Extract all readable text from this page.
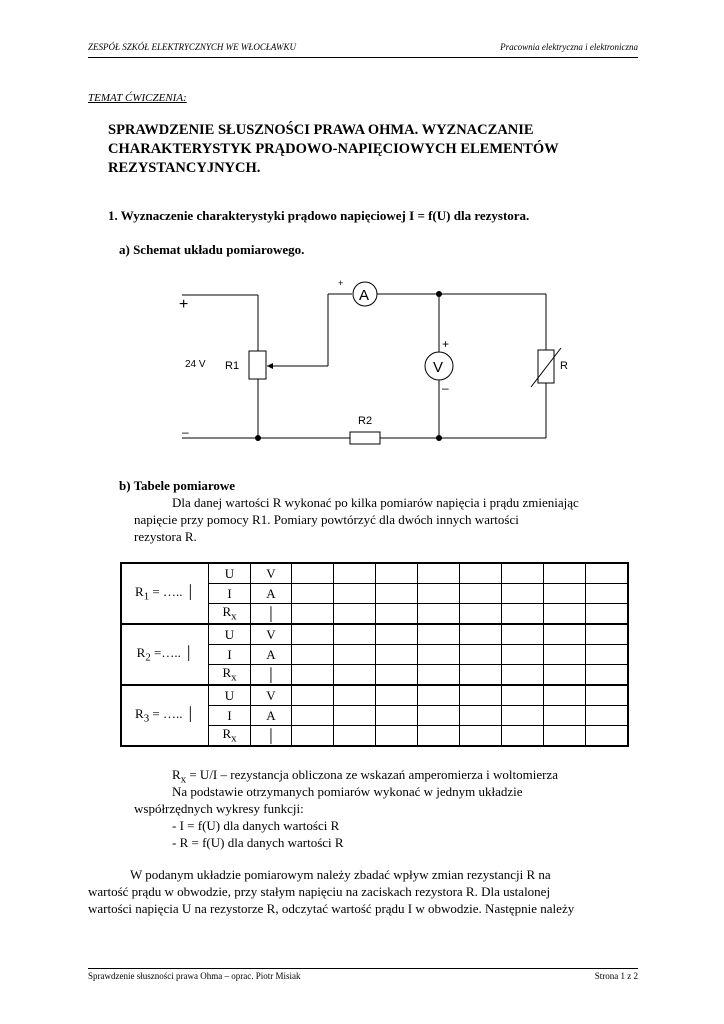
ZESPÓŁ SZKÓŁ ELEKTRYCZNYCH WE WŁOCŁAWKU	Pracownia elektryczna i elektroniczna
TEMAT ĆWICZENIA:
SPRAWDZENIE SŁUSZNOŚCI PRAWA OHMA. WYZNACZANIE
CHARAKTERYSTYK PRĄDOWO-NAPIĘCIOWYCH ELEMENTÓW
REZYSTANCYJNYCH.
1. Wyznaczenie charakterystyki prądowo napięciowej I = f(U) dla rezystora.
a) Schemat układu pomiarowego.
+
–
24 V R1
R2
R
A
V
+
+
–
b) Tabele pomiarowe
Dla danej wartości R wykonać po kilka pomiarów napięcia i prądu zmieniając
napięcie przy pomocy R1. Pomiary powtórzyć dla dwóch innych wartości
rezystora R.
$R_1$ = ….. │	U	V								
	I	A								
	$R_x$	│								
$R_2$ =….. │	U	V								
	I	A								
	$R_x$	│								
$R_3$ = ….. │	U	V								
	I	A								
	$R_x$	│								
$R_x = U/I$ – rezystancja obliczona ze wskazań amperomierza i woltomierza
Na podstawie otrzymanych pomiarów wykonać w jednym układzie
współrzędnych wykresy funkcji:
- I = f(U) dla danych wartości R
- R = f(U) dla danych wartości R
W podanym układzie pomiarowym należy zbadać wpływ zmian rezystancji R na
wartość prądu w obwodzie, przy stałym napięciu na zaciskach rezystora R. Dla ustalonej
wartości napięcia U na rezystorze R, odczytać wartość prądu I w obwodzie. Następnie należy
Sprawdzenie słuszności prawa Ohma – oprac. Piotr Misiak	Strona 1 z 2
